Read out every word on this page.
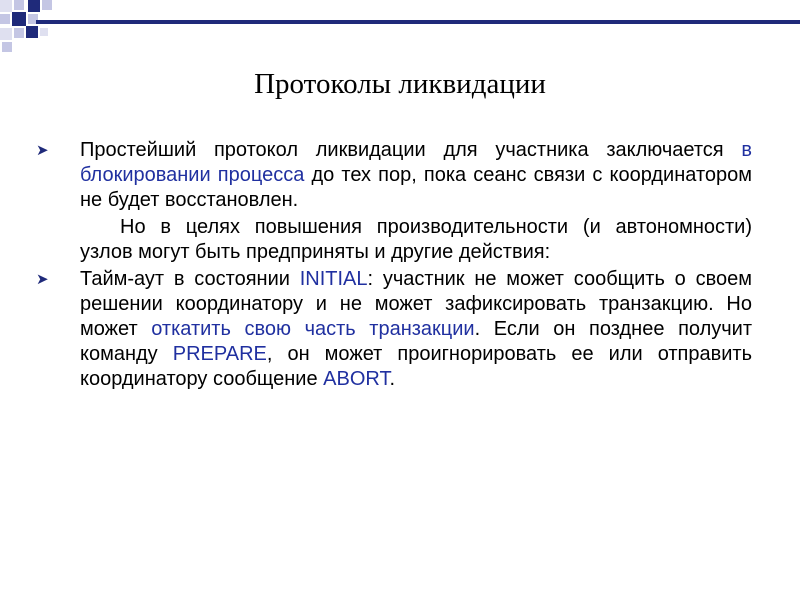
Протоколы ликвидации
➤ Простейший протокол ликвидации для участника заключается в блокировании процесса до тех пор, пока сеанс связи с координатором не будет восстановлен.
Но в целях повышения производительности (и автономности) узлов могут быть предприняты и другие действия:
➤ Тайм-аут в состоянии INITIAL: участник не может сообщить о своем решении координатору и не может зафиксировать транзакцию. Но может откатить свою часть транзакции. Если он позднее получит команду PREPARE, он может проигнорировать ее или отправить координатору сообщение ABORT.
